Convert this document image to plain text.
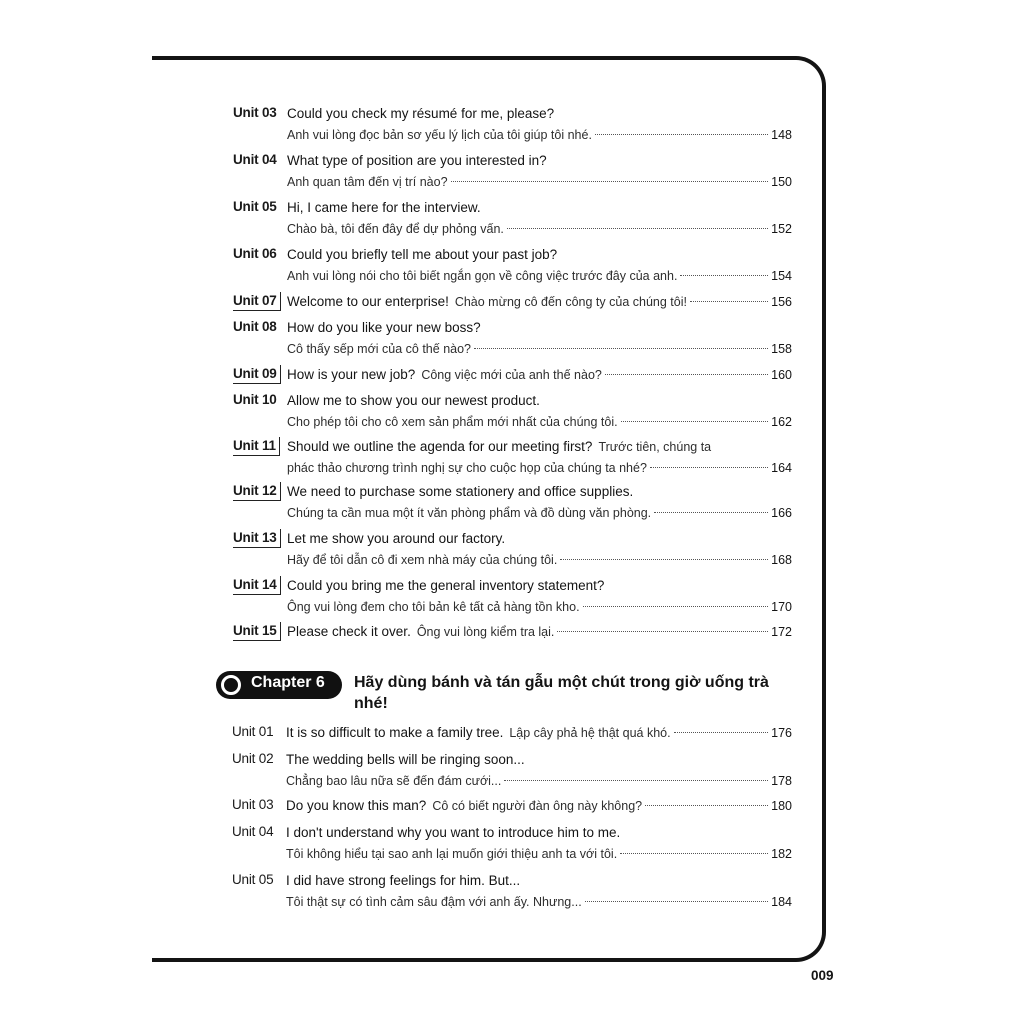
Unit 03 Could you check my résumé for me, please?
Anh vui lòng đọc bản sơ yếu lý lịch của tôi giúp tôi nhé.	148
Unit 04 What type of position are you interested in?
Anh quan tâm đến vị trí nào?	150
Unit 05 Hi, I came here for the interview.
Chào bà, tôi đến đây để dự phỏng vấn.	152
Unit 06 Could you briefly tell me about your past job?
Anh vui lòng nói cho tôi biết ngắn gọn về công việc trước đây của anh.	154
Unit 07 Welcome to our enterprise! Chào mừng cô đến công ty của chúng tôi!	156
Unit 08 How do you like your new boss?
Cô thấy sếp mới của cô thế nào?	158
Unit 09 How is your new job? Công việc mới của anh thế nào?	160
Unit 10 Allow me to show you our newest product.
Cho phép tôi cho cô xem sản phẩm mới nhất của chúng tôi.	162
Unit 11 Should we outline the agenda for our meeting first? Trước tiên, chúng ta
phác thảo chương trình nghị sự cho cuộc họp của chúng ta nhé?	164
Unit 12 We need to purchase some stationery and office supplies.
Chúng ta cần mua một ít văn phòng phẩm và đồ dùng văn phòng.	166
Unit 13 Let me show you around our factory.
Hãy để tôi dẫn cô đi xem nhà máy của chúng tôi.	168
Unit 14 Could you bring me the general inventory statement?
Ông vui lòng đem cho tôi bản kê tất cả hàng tồn kho.	170
Unit 15 Please check it over. Ông vui lòng kiểm tra lại.	172
Chapter 6 Hãy dùng bánh và tán gẫu một chút trong giờ uống trà nhé!
Unit 01 It is so difficult to make a family tree. Lập cây phả hệ thật quá khó.	176
Unit 02 The wedding bells will be ringing soon...
Chẳng bao lâu nữa sẽ đến đám cưới...	178
Unit 03 Do you know this man? Cô có biết người đàn ông này không?	180
Unit 04 I don't understand why you want to introduce him to me.
Tôi không hiểu tại sao anh lại muốn giới thiệu anh ta với tôi.	182
Unit 05 I did have strong feelings for him. But...
Tôi thật sự có tình cảm sâu đậm với anh ấy. Nhưng...	184
009
